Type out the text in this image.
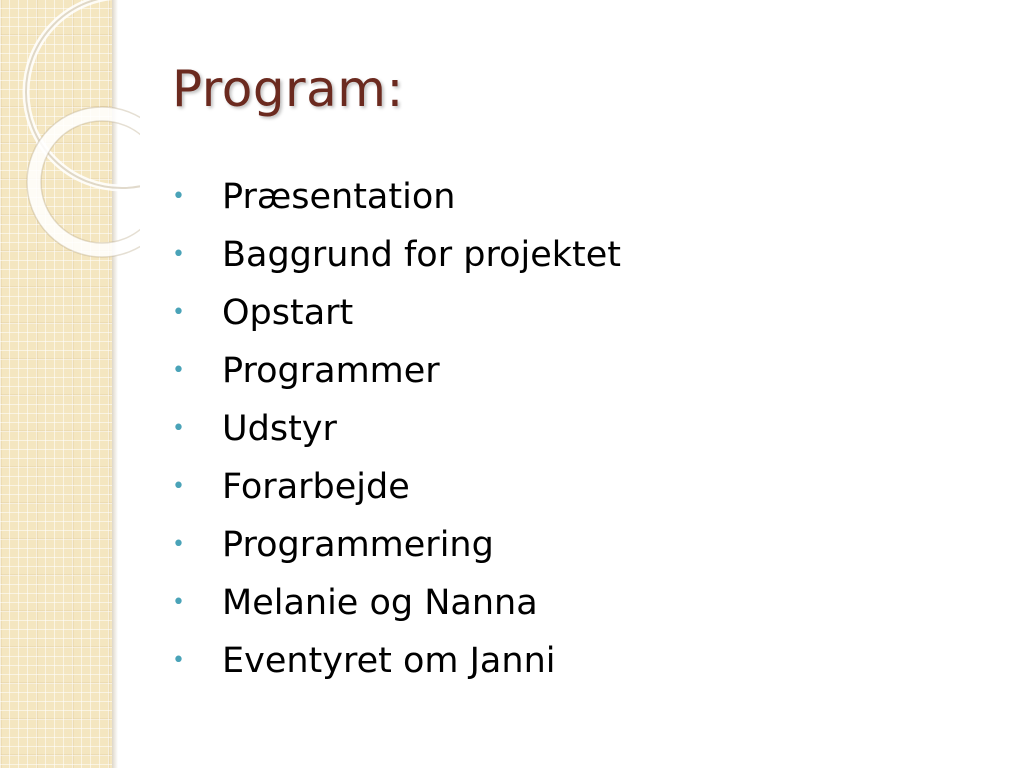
Program:
•	Præsentation
•	Baggrund for projektet
•	Opstart
•	Programmer
•	Udstyr
•	Forarbejde
•	Programmering
•	Melanie og Nanna
•	Eventyret om Janni
